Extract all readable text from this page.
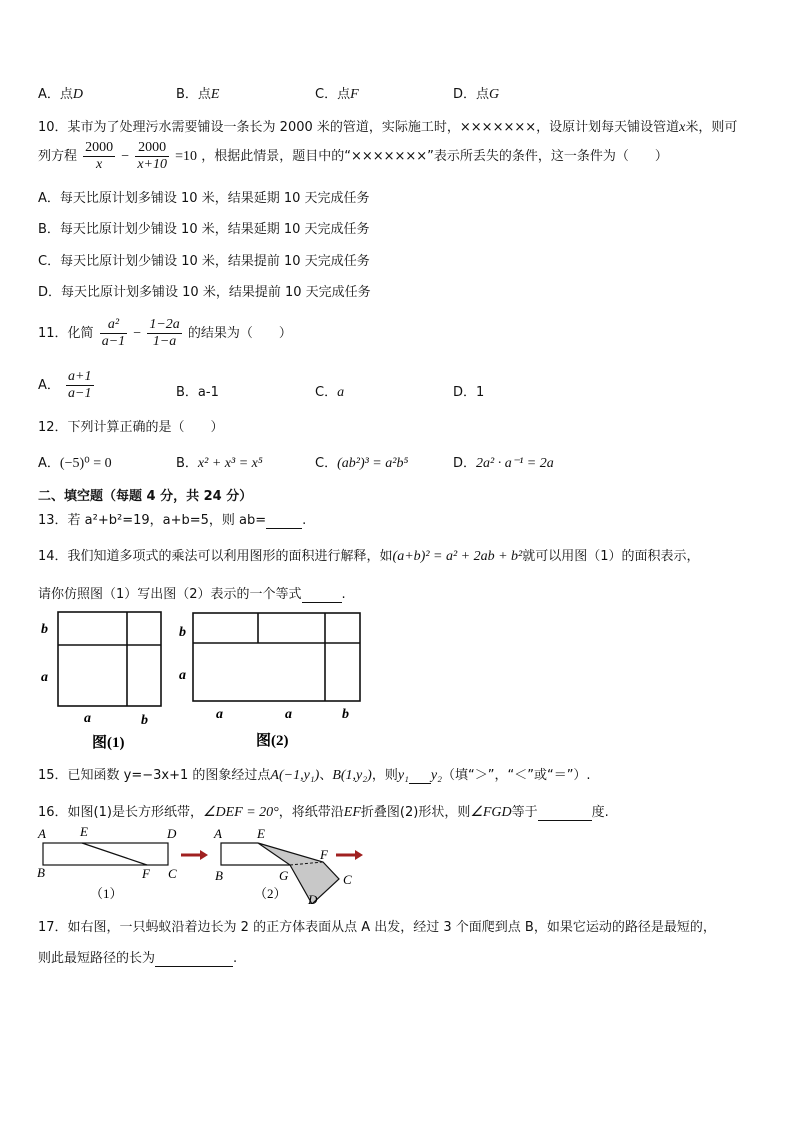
A．点D	B．点E	C．点F	D．点G
10．某市为了处理污水需要铺设一条长为 2000 米的管道，实际施工时，×××××××，设原计划每天铺设管道x米，则可
列方程 $\frac{2000}{x} - \frac{2000}{x+10} =10$ ，根据此情景，题目中的“×××××××”表示所丢失的条件，这一条件为（　　）
A．每天比原计划多铺设 10 米，结果延期 10 天完成任务
B．每天比原计划少铺设 10 米，结果延期 10 天完成任务
C．每天比原计划少铺设 10 米，结果提前 10 天完成任务
D．每天比原计划多铺设 10 米，结果提前 10 天完成任务
11．化简 $\frac{\text{a²}}{a-1} - \frac{1-2a}{1-a}$ 的结果为（　　）
A． $\frac{a+1}{a-1}$	B．a-1	C．a	D．1
12．下列计算正确的是（　　）
A．(−5)⁰ = 0	B．x² + x³ = x⁵	C．(ab²)³ = a²b⁵	D．2a² · a⁻¹ = 2a
二、填空题（每题 4 分，共 24 分）
13．若 a²+b²=19，a+b=5，则 ab=	.
14．我们知道多项式的乘法可以利用图形的面积进行解释，如(a+b)² = a² + 2ab + b²就可以用图（1）的面积表示，
请你仿照图（1）写出图（2）表示的一个等式	.
b
a
a	b
图(1)
b
a
a	a	b
图(2)
15．已知函数 y=−3x+1 的图象经过点A(−1,y₁)、B(1,y₂)，则y₁ y₂（填“＞”，“＜”或“＝”）.
16．如图(1)是长方形纸带，∠DEF = 20°，将纸带沿EF折叠图(2)形状，则∠FGD等于	度.
A	E	D
B	F C
（1）
A	E
F
C
B	G
D
（2）
17．如右图，一只蚂蚁沿着边长为 2 的正方体表面从点 A 出发，经过 3 个面爬到点 B，如果它运动的路径是最短的，
则此最短路径的长为	.
